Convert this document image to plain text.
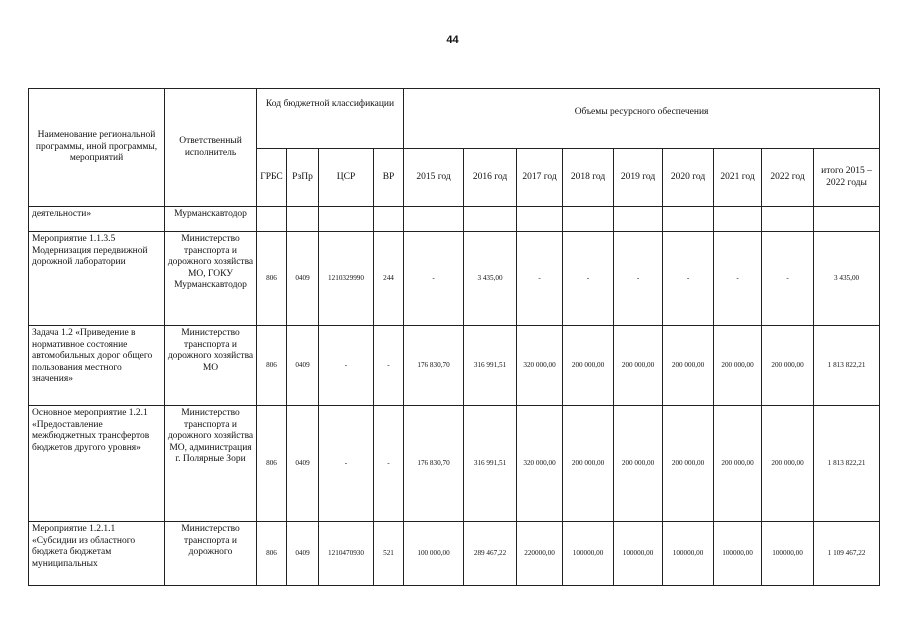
44
Наименование региональной программы, иной программы, мероприятий	Ответственный исполнитель	Код бюджетной классификации				Объемы ресурсного обеспечения								
		ГРБС	РзПр	ЦСР	ВР	2015 год	2016 год	2017 год	2018 год	2019 год	2020 год	2021 год	2022 год	итого 2015 – 2022 годы
деятельности»	Мурманскавтодор													
Мероприятие 1.1.3.5 Модернизация передвижной дорожной лаборатории	Министерство транспорта и дорожного хозяйства МО, ГОКУ Мурманскавтодор	806	0409	1210329990	244	-	3 435,00	-	-	-	-	-	-	3 435,00
Задача 1.2 «Приведение в нормативное состояние автомобильных дорог общего пользования местного значения»	Министерство транспорта и дорожного хозяйства МО	806	0409	-	-	176 830,70	316 991,51	320 000,00	200 000,00	200 000,00	200 000,00	200 000,00	200 000,00	1 813 822,21
Основное мероприятие 1.2.1 «Предоставление межбюджетных трансфертов бюджетов другого уровня»	Министерство транспорта и дорожного хозяйства МО, администрация г. Полярные Зори	806	0409	-	-	176 830,70	316 991,51	320 000,00	200 000,00	200 000,00	200 000,00	200 000,00	200 000,00	1 813 822,21
Мероприятие 1.2.1.1 «Субсидии из областного бюджета бюджетам муниципальных	Министерство транспорта и дорожного	806	0409	1210470930	521	100 000,00	289 467,22	220000,00	100000,00	100000,00	100000,00	100000,00	100000,00	1 109 467,22
